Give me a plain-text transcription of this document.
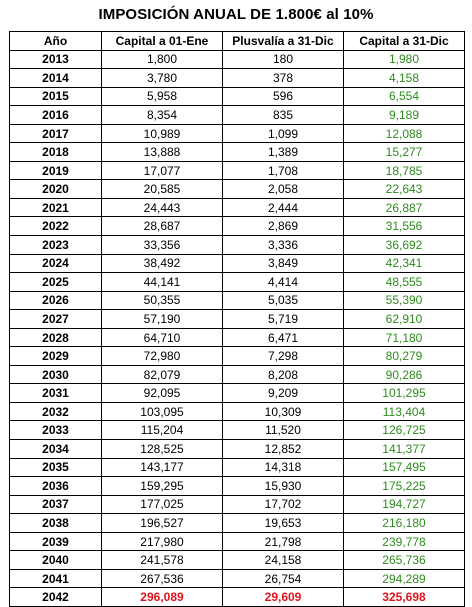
IMPOSICIÓN ANUAL DE 1.800€ al 10%
Año	Capital a 01-Ene	Plusvalía a 31-Dic	Capital a 31-Dic
2013	1,800	180	1,980
2014	3,780	378	4,158
2015	5,958	596	6,554
2016	8,354	835	9,189
2017	10,989	1,099	12,088
2018	13,888	1,389	15,277
2019	17,077	1,708	18,785
2020	20,585	2,058	22,643
2021	24,443	2,444	26,887
2022	28,687	2,869	31,556
2023	33,356	3,336	36,692
2024	38,492	3,849	42,341
2025	44,141	4,414	48,555
2026	50,355	5,035	55,390
2027	57,190	5,719	62,910
2028	64,710	6,471	71,180
2029	72,980	7,298	80,279
2030	82,079	8,208	90,286
2031	92,095	9,209	101,295
2032	103,095	10,309	113,404
2033	115,204	11,520	126,725
2034	128,525	12,852	141,377
2035	143,177	14,318	157,495
2036	159,295	15,930	175,225
2037	177,025	17,702	194,727
2038	196,527	19,653	216,180
2039	217,980	21,798	239,778
2040	241,578	24,158	265,736
2041	267,536	26,754	294,289
2042	296,089	29,609	325,698
